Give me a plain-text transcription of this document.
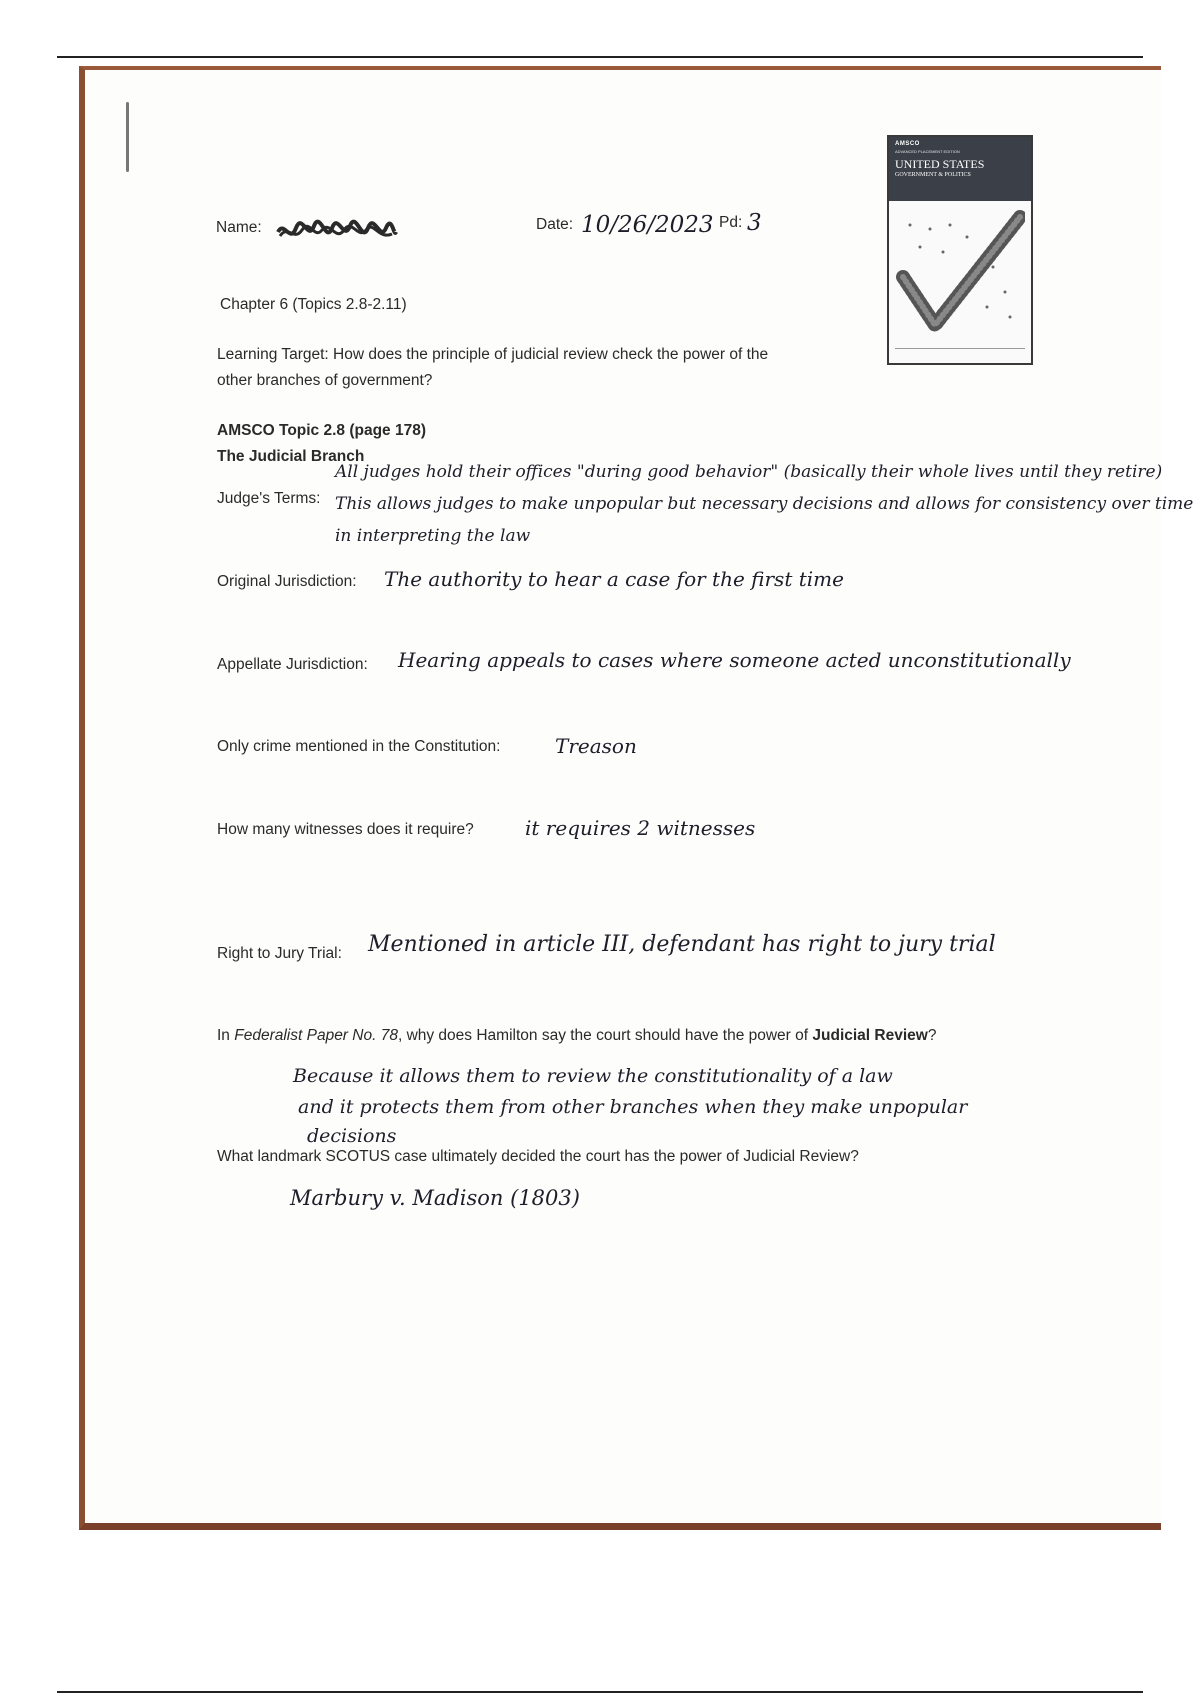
AMSCO
ADVANCED PLACEMENT EDITION
UNITED STATES
GOVERNMENT & POLITICS
Name:	Date: 10/26/2023 Pd: 3
Chapter 6 (Topics 2.8-2.11)
Learning Target: How does the principle of judicial review check the power of the
other branches of government?
AMSCO Topic 2.8 (page 178)
The Judicial Branch
Judge's Terms:
All judges hold their offices "during good behavior" (basically their whole lives until they retire)
This allows judges to make unpopular but necessary decisions and allows for consistency over time
in interpreting the law
Original Jurisdiction: The authority to hear a case for the first time
Appellate Jurisdiction: Hearing appeals to cases where someone acted unconstitutionally
Only crime mentioned in the Constitution:	Treason
How many witnesses does it require?	it requires 2 witnesses
Right to Jury Trial: Mentioned in article III, defendant has right to jury trial
In Federalist Paper No. 78, why does Hamilton say the court should have the power of Judicial Review?
Because it allows them to review the constitutionality of a law
and it protects them from other branches when they make unpopular
decisions
What landmark SCOTUS case ultimately decided the court has the power of Judicial Review?
Marbury v. Madison (1803)
